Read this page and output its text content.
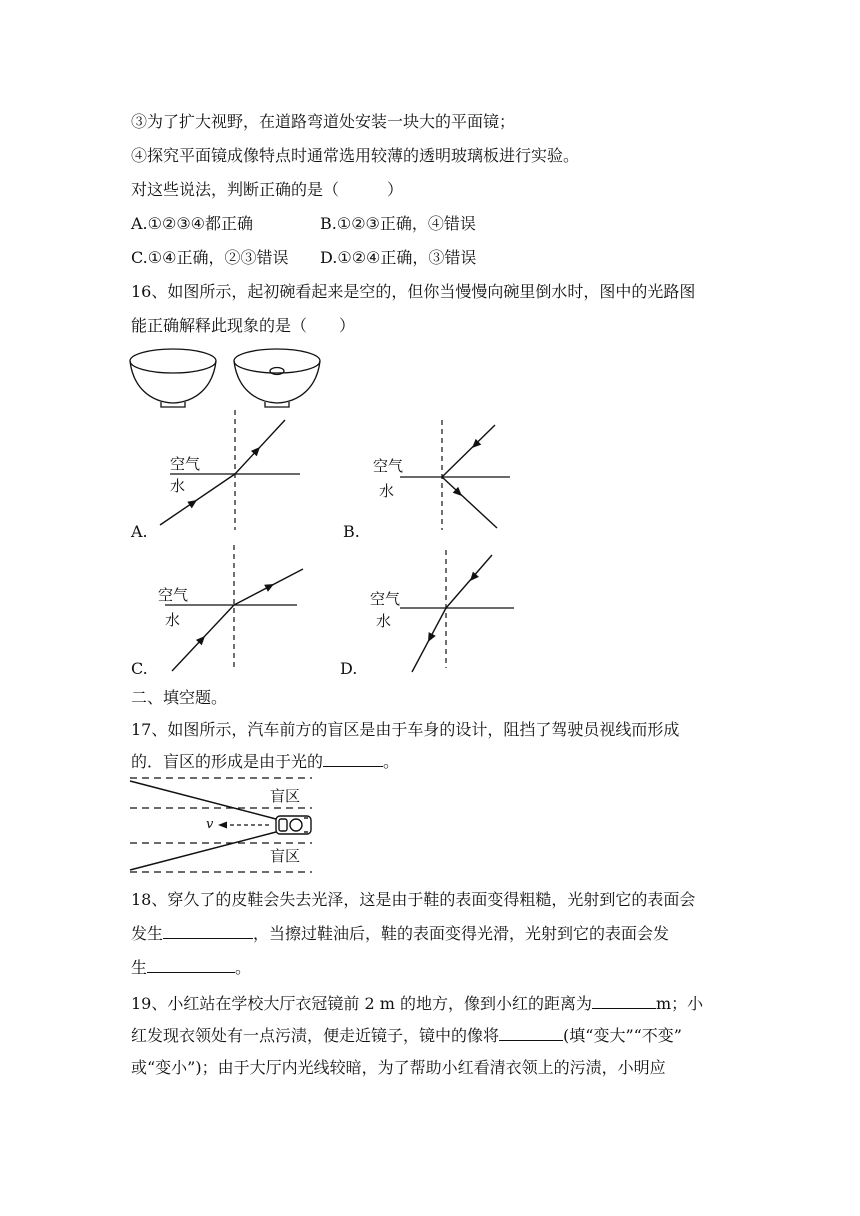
③为了扩大视野，在道路弯道处安装一块大的平面镜；
④探究平面镜成像特点时通常选用较薄的透明玻璃板进行实验。
对这些说法，判断正确的是（　　　）
A.①②③④都正确	B.①②③正确，④错误
C.①④正确，②③错误 D.①②④正确，③错误
16、如图所示，起初碗看起来是空的，但你当慢慢向碗里倒水时，图中的光路图
能正确解释此现象的是（　　）
空气
水
A.
空气
水
B.
空气
水
C.
空气
水
D.
二、填空题。
17、如图所示，汽车前方的盲区是由于车身的设计，阻挡了驾驶员视线而形成
的．盲区的形成是由于光的	。
盲区
盲区
v
18、穿久了的皮鞋会失去光泽，这是由于鞋的表面变得粗糙，光射到它的表面会
发生	，当擦过鞋油后，鞋的表面变得光滑，光射到它的表面会发
生	。
19、小红站在学校大厅衣冠镜前 2 m 的地方，像到小红的距离为	m；小
红发现衣领处有一点污渍，便走近镜子，镜中的像将	(填“变大”“不变”
或“变小”)；由于大厅内光线较暗，为了帮助小红看清衣领上的污渍，小明应
